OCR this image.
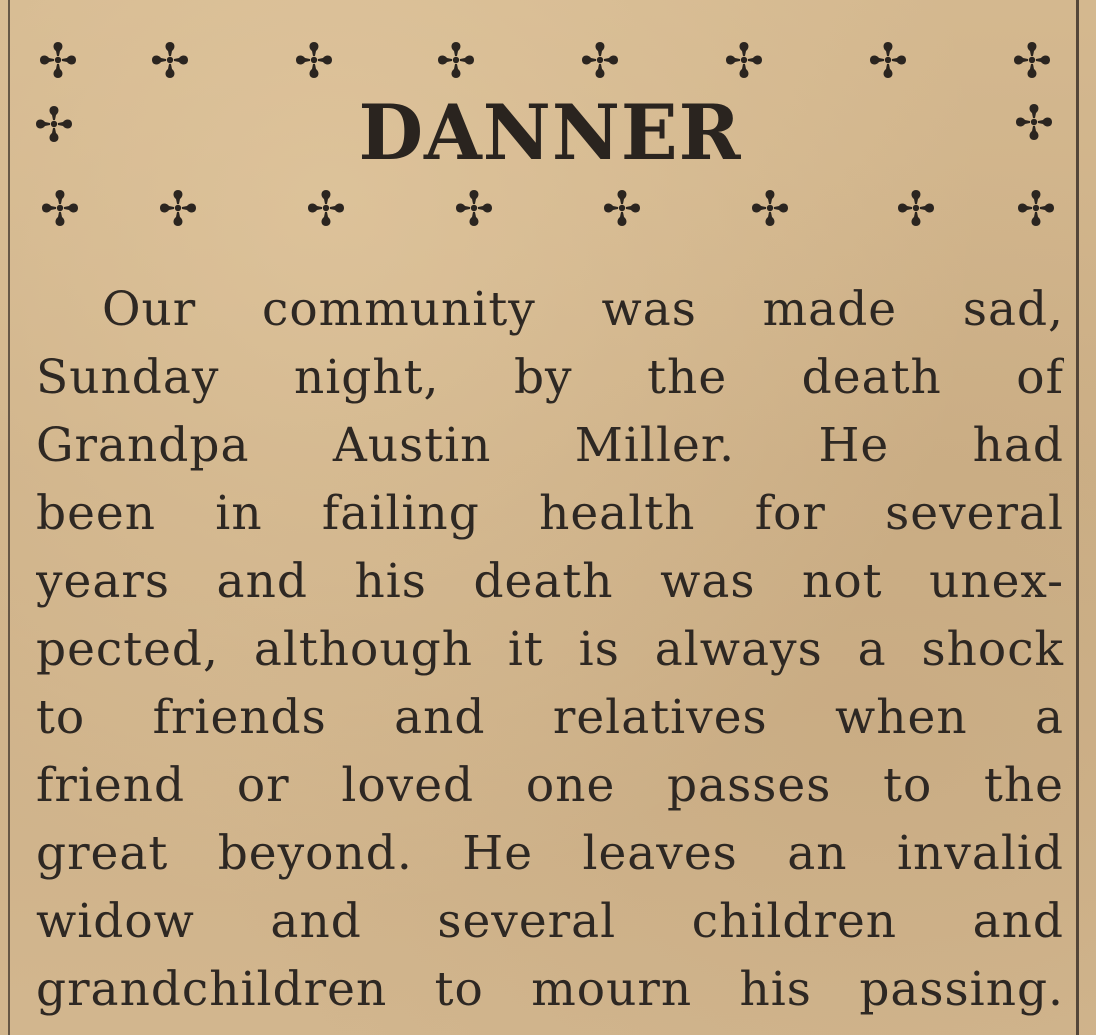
DANNER
Our community was made sad,
Sunday night, by the death of
Grandpa Austin Miller. He had
been in failing health for several
years and his death was not unex-
pected, although it is always a shock
to friends and relatives when a
friend or loved one passes to the
great beyond. He leaves an invalid
widow and several children and
grandchildren to mourn his passing.
